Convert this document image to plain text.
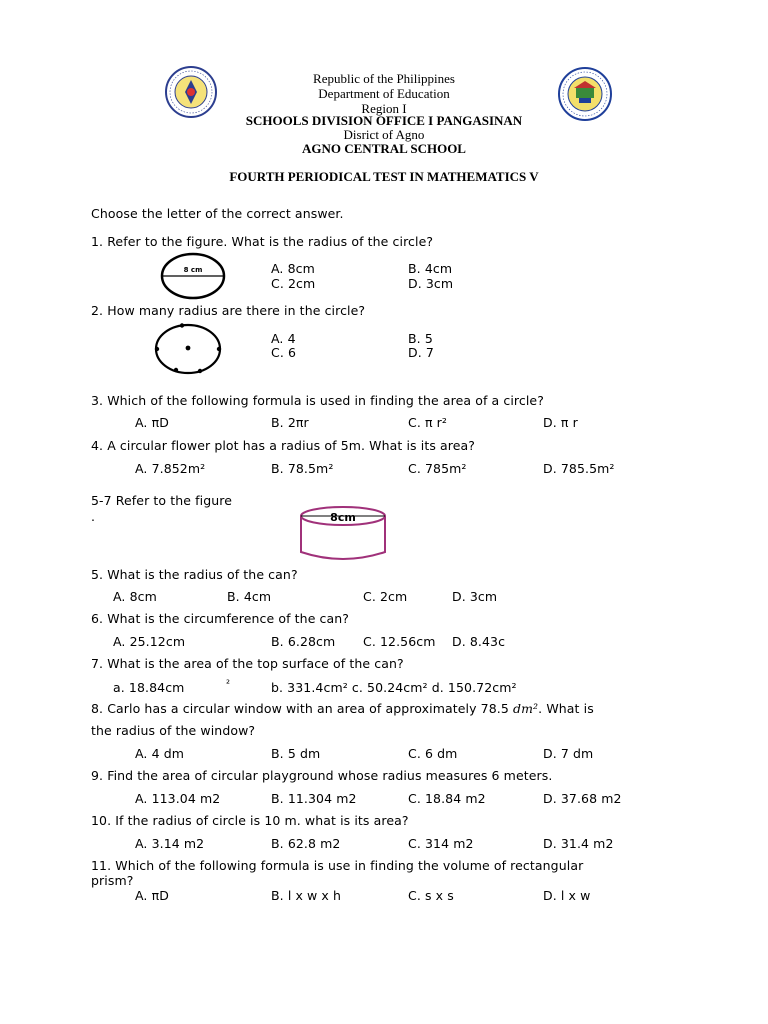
Republic of the Philippines
Department of Education
Region I
SCHOOLS DIVISION OFFICE I PANGASINAN
Disrict of Agno
AGNO CENTRAL SCHOOL
FOURTH PERIODICAL TEST IN MATHEMATICS V
Choose the letter of the correct answer.
1. Refer to the figure. What is the radius of the circle?
8 cm	A. 8cm	B. 4cm
C. 2cm	D. 3cm
2. How many radius are there in the circle?
A. 4	B. 5
C. 6	D. 7
3. Which of the following formula is used in finding the area of a circle?
A. πD	B. 2πr	C. π r²	D. π r
4. A circular flower plot has a radius of 5m. What is its area?
A. 7.852m²	B. 78.5m²	C. 785m²	D. 785.5m²
5-7 Refer to the figure
.	8cm
5. What is the radius of the can?
A. 8cm	B. 4cm	C. 2cm	D. 3cm
6. What is the circumference of the can?
A. 25.12cm	B. 6.28cm C. 12.56cm D. 8.43c
7. What is the area of the top surface of the can?
a. 18.84cm	²	b. 331.4cm² c. 50.24cm² d. 150.72cm²
8. Carlo has a circular window with an area of approximately 78.5 dm². What is
the radius of the window?
A. 4 dm	B. 5 dm	C. 6 dm	D. 7 dm
9. Find the area of circular playground whose radius measures 6 meters.
A. 113.04 m2	B. 11.304 m2	C. 18.84 m2	D. 37.68 m2
10. If the radius of circle is 10 m. what is its area?
A. 3.14 m2	B. 62.8 m2	C. 314 m2	D. 31.4 m2
11. Which of the following formula is use in finding the volume of rectangular
prism?
A. πD	B. l x w x h	C. s x s	D. l x w
